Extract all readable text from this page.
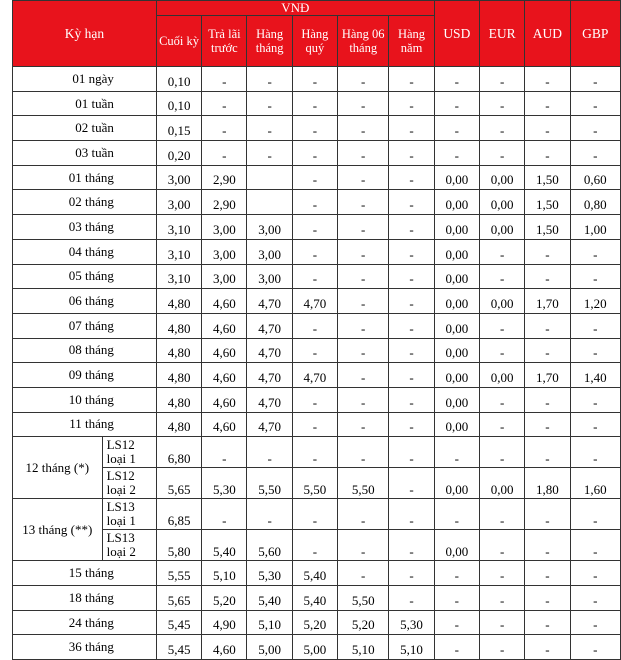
Kỳ hạn		VNĐ						USD	EUR	AUD	GBP
		Cuối kỳ	Trả lãi trước	Hàng tháng	Hàng quý	Hàng 06 tháng	Hàng năm				
01 ngày		0,10	-	-	-	-	-	-	-	-	-
01 tuần		0,10	-	-	-	-	-	-	-	-	-
02 tuần		0,15	-	-	-	-	-	-	-	-	-
03 tuần		0,20	-	-	-	-	-	-	-	-	-
01 tháng		3,00	2,90		-	-	-	0,00	0,00	1,50	0,60
02 tháng		3,00	2,90		-	-	-	0,00	0,00	1,50	0,80
03 tháng		3,10	3,00	3,00	-	-	-	0,00	0,00	1,50	1,00
04 tháng		3,10	3,00	3,00	-	-	-	0,00	-	-	-
05 tháng		3,10	3,00	3,00	-	-	-	0,00	-	-	-
06 tháng		4,80	4,60	4,70	4,70	-	-	0,00	0,00	1,70	1,20
07 tháng		4,80	4,60	4,70	-	-	-	0,00	-	-	-
08 tháng		4,80	4,60	4,70	-	-	-	0,00	-	-	-
09 tháng		4,80	4,60	4,70	4,70	-	-	0,00	0,00	1,70	1,40
10 tháng		4,80	4,60	4,70	-	-	-	0,00	-	-	-
11 tháng		4,80	4,60	4,70	-	-	-	0,00	-	-	-
12 tháng (*)	LS12 loại 1	6,80	-	-	-	-	-	-	-	-	-
	LS12 loại 2	5,65	5,30	5,50	5,50	5,50	-	0,00	0,00	1,80	1,60
13 tháng (**)	LS13 loại 1	6,85	-	-	-	-	-	-	-	-	-
	LS13 loại 2	5,80	5,40	5,60	-	-	-	0,00	-	-	-
15 tháng		5,55	5,10	5,30	5,40	-	-	-	-	-	-
18 tháng		5,65	5,20	5,40	5,40	5,50	-	-	-	-	-
24 tháng		5,45	4,90	5,10	5,20	5,20	5,30	-	-	-	-
36 tháng		5,45	4,60	5,00	5,00	5,10	5,10	-	-	-	-
